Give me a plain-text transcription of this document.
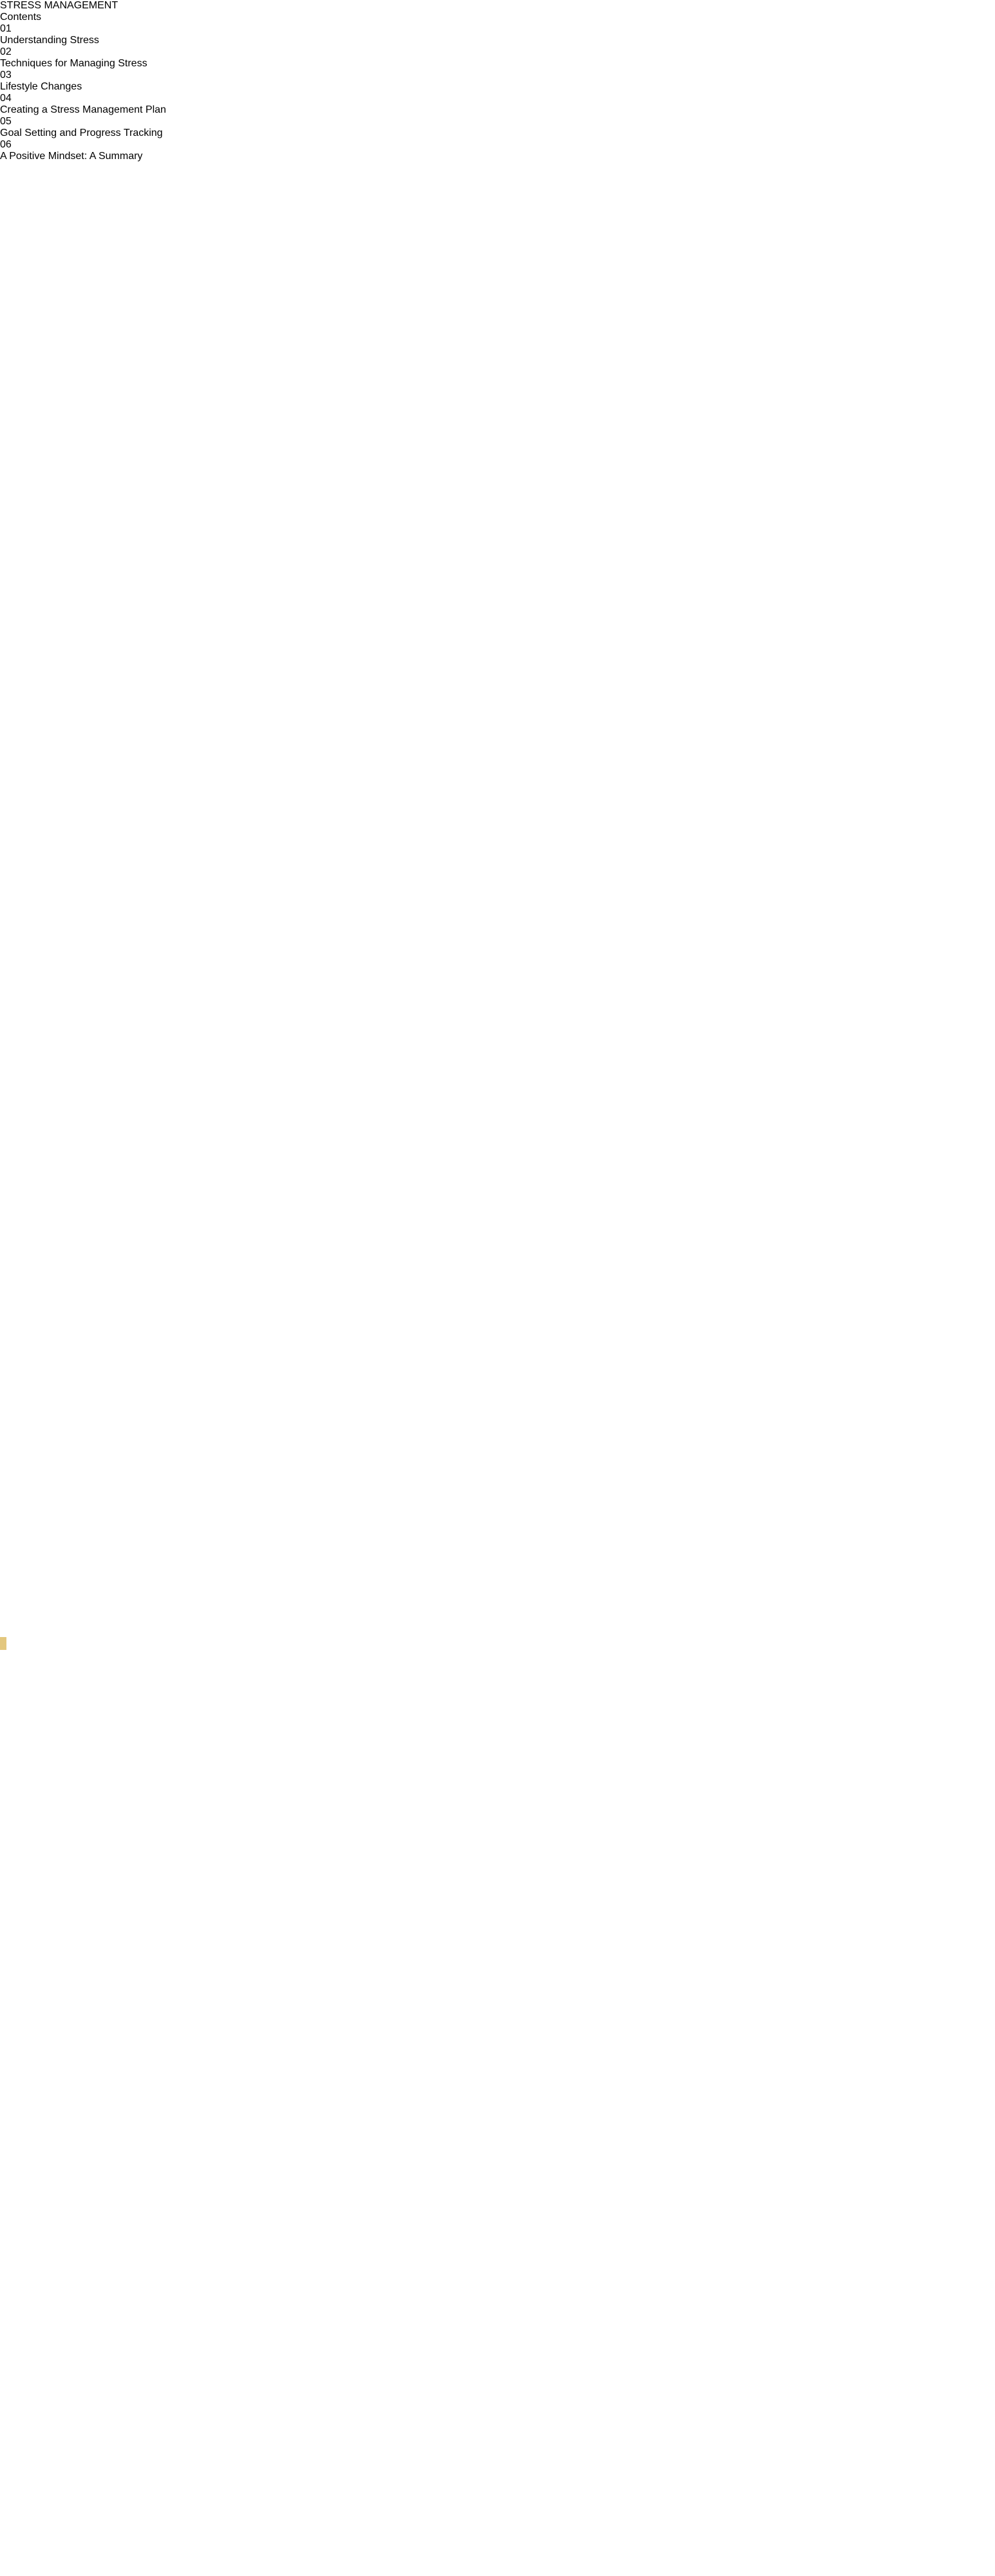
STRESS MANAGEMENT
Contents
01
Understanding Stress
02
Techniques for Managing Stress
03
Lifestyle Changes
04
Creating a Stress Management Plan
05
Goal Setting and Progress Tracking
06
A Positive Mindset: A Summary
